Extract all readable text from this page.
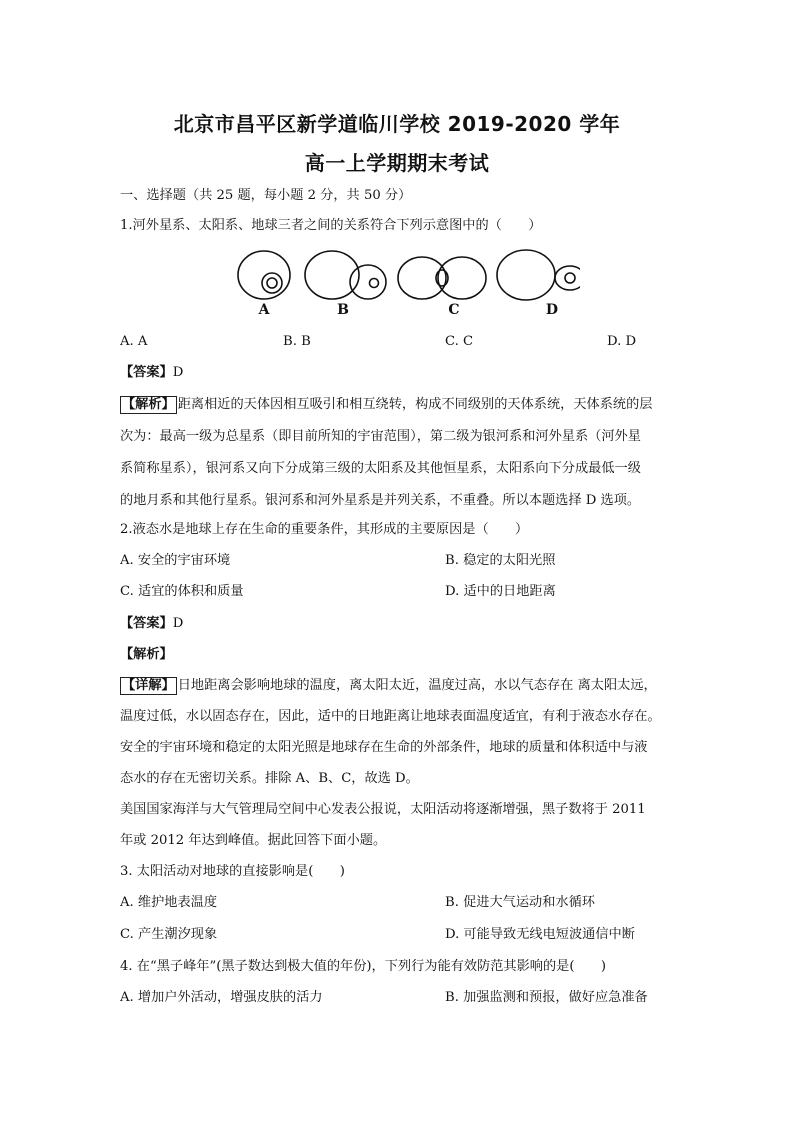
北京市昌平区新学道临川学校 2019-2020 学年
高一上学期期末考试
一、选择题（共 25 题，每小题 2 分，共 50 分）
1.河外星系、太阳系、地球三者之间的关系符合下列示意图中的（　　）
A	B	C	D
A. A	B. B	C. C	D. D
【答案】D
【解析】 距离相近的天体因相互吸引和相互绕转，构成不同级别的天体系统，天体系统的层
次为：最高一级为总星系（即目前所知的宇宙范围），第二级为银河系和河外星系（河外星
系简称星系），银河系又向下分成第三级的太阳系及其他恒星系，太阳系向下分成最低一级
的地月系和其他行星系。银河系和河外星系是并列关系，不重叠。所以本题选择 D 选项。
2.液态水是地球上存在生命的重要条件，其形成的主要原因是（　　）
A. 安全的宇宙环境	B. 稳定的太阳光照
C. 适宜的体积和质量	D. 适中的日地距离
【答案】D
【解析】
【详解】 日地距离会影响地球的温度，离太阳太近，温度过高，水以气态存在 离太阳太远，
温度过低，水以固态存在，因此，适中的日地距离让地球表面温度适宜，有利于液态水存在。
安全的宇宙环境和稳定的太阳光照是地球存在生命的外部条件，地球的质量和体积适中与液
态水的存在无密切关系。排除 A、B、C，故选 D。
美国国家海洋与大气管理局空间中心发表公报说，太阳活动将逐渐增强，黑子数将于 2011
年或 2012 年达到峰值。据此回答下面小题。
3. 太阳活动对地球的直接影响是(　　)
A. 维护地表温度	B. 促进大气运动和水循环
C. 产生潮汐现象	D. 可能导致无线电短波通信中断
4. 在“黑子峰年”(黑子数达到极大值的年份)，下列行为能有效防范其影响的是(　　)
A. 增加户外活动，增强皮肤的活力	B. 加强监测和预报，做好应急准备
